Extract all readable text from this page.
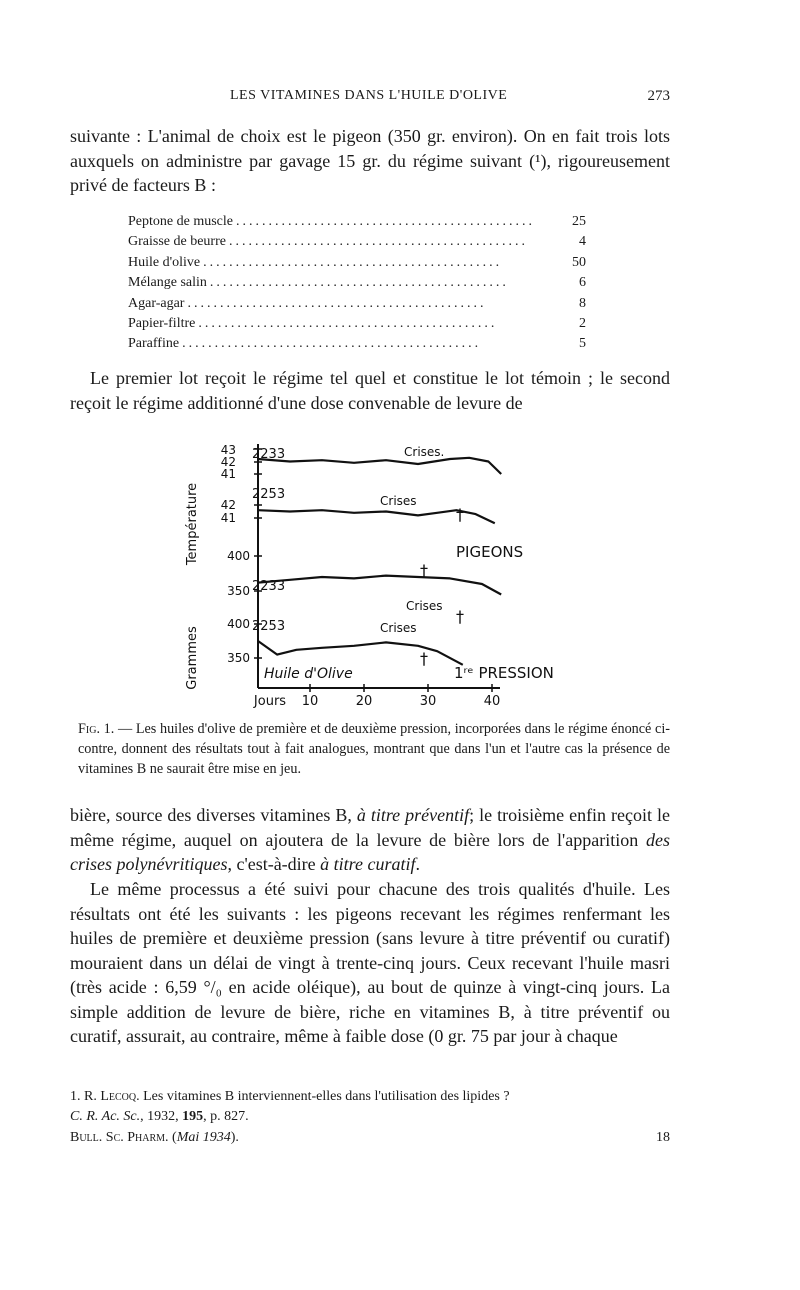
LES VITAMINES DANS L'HUILE D'OLIVE	273

suivante : L'animal de choix est le pigeon (350 gr. environ). On en fait trois lots auxquels on administre par gavage 15 gr. du régime suivant (¹), rigoureusement privé de facteurs B :

Peptone de muscle ..............................................	25
Graisse de beurre ..............................................	4
Huile d'olive ..............................................	50
Mélange salin ..............................................	6
Agar-agar ..............................................	8
Papier-filtre ..............................................	2
Paraffine ..............................................	5

Le premier lot reçoit le régime tel quel et constitue le lot témoin ; le second reçoit le régime additionné d'une dose convenable de levure de

Température
Grammes
43
42
41
42
41
400
350
400
350
Jours 10	20	30	40
2233
2253
2233
2253
Crises.
Crises
Crises
Crises
PIGEONS
1ʳᵉ PRESSION
Huile d'Olive
†
†
†
†
Fig. 1. — Les huiles d'olive de première et de deuxième pression, incorporées dans le régime énoncé ci-contre, donnent des résultats tout à fait analogues, montrant que dans l'un et l'autre cas la présence de vitamines B ne saurait être mise en jeu.

bière, source des diverses vitamines B, à titre préventif; le troisième enfin reçoit le même régime, auquel on ajoutera de la levure de bière lors de l'apparition des crises polynévritiques, c'est-à-dire à titre curatif.

Le même processus a été suivi pour chacune des trois qualités d'huile. Les résultats ont été les suivants : les pigeons recevant les régimes renfermant les huiles de première et deuxième pression (sans levure à titre préventif ou curatif) mouraient dans un délai de vingt à trente-cinq jours. Ceux recevant l'huile masri (très acide : 6,59 °/₀ en acide oléique), au bout de quinze à vingt-cinq jours. La simple addition de levure de bière, riche en vitamines B, à titre préventif ou curatif, assurait, au contraire, même à faible dose (0 gr. 75 par jour à chaque

1. R. Lecoq. Les vitamines B interviennent-elles dans l'utilisation des lipides ?

C. R. Ac. Sc., 1932, 195, p. 827.

Bull. Sc. Pharm. (Mai 1934).	18
